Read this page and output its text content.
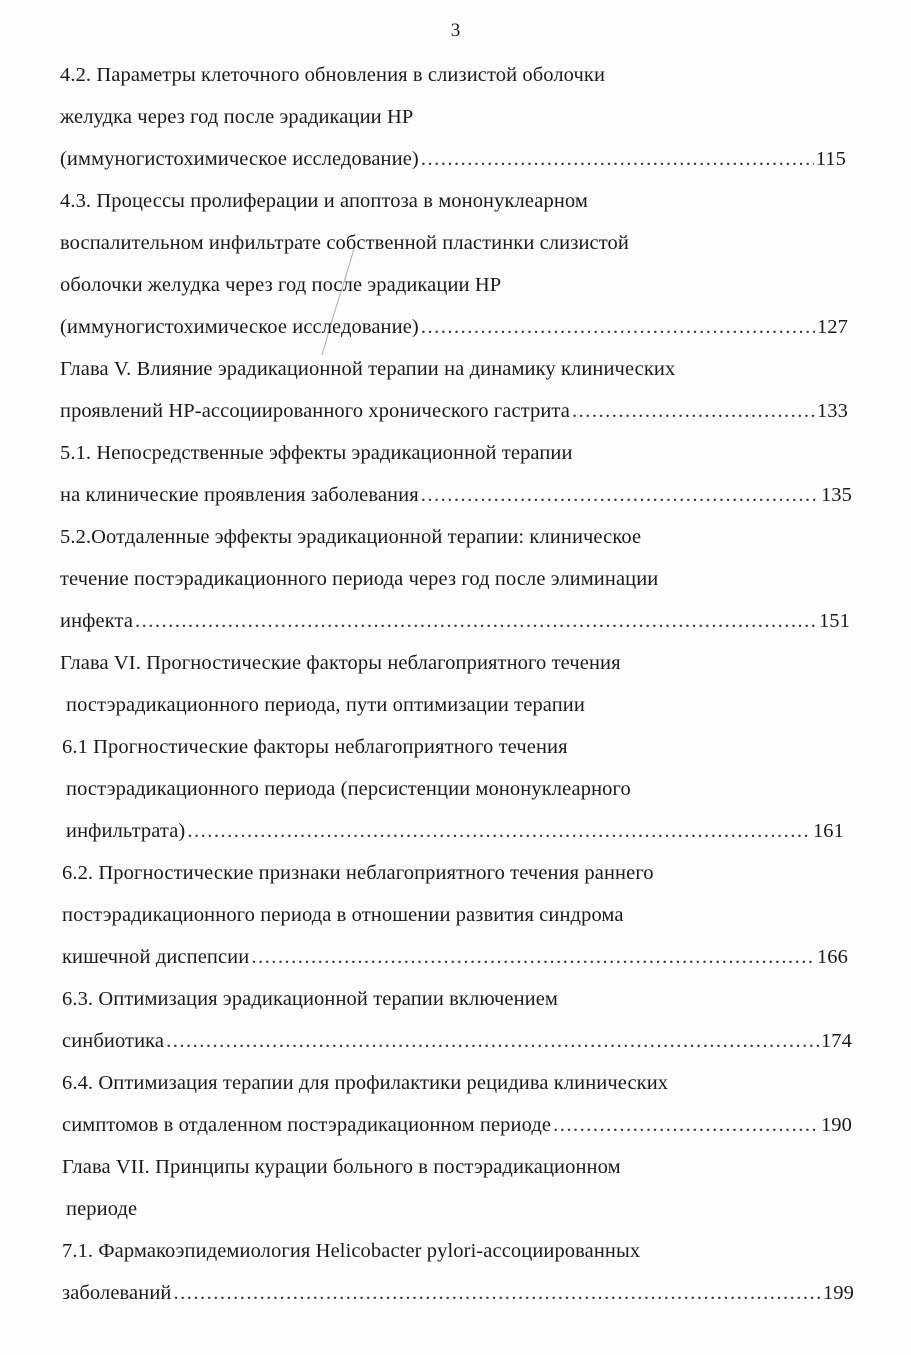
3
4.2. Параметры клеточного обновления в слизистой оболочки
желудка через год после эрадикации НР
(иммуногистохимическое исследование) .....	115
4.3. Процессы пролиферации и апоптоза в мононуклеарном
воспалительном инфильтрате собственной пластинки слизистой
оболочки желудка через год после эрадикации НР
(иммуногистохимическое исследование) .....	127
Глава V. Влияние эрадикационной терапии на динамику клинических
проявлений НР-ассоциированного хронического гастрита .....	133
5.1. Непосредственные эффекты эрадикационной терапии
на клинические проявления заболевания .....	135
5.2.Оотдаленные эффекты эрадикационной терапии: клиническое
течение постэрадикационного периода через год после элиминации
инфекта .....	151
Глава VI. Прогностические факторы неблагоприятного течения
постэрадикационного периода, пути оптимизации терапии
6.1 Прогностические факторы неблагоприятного течения
постэрадикационного периода (персистенции мононуклеарного
инфильтрата) .....	161
6.2. Прогностические признаки неблагоприятного течения раннего
постэрадикационного периода в отношении развития синдрома
кишечной диспепсии .....	166
6.3. Оптимизация эрадикационной терапии включением
синбиотика .....	174
6.4. Оптимизация терапии для профилактики рецидива клинических
симптомов в отдаленном постэрадикационном периоде .....	190
Глава VII. Принципы курации больного в постэрадикационном
периоде
7.1. Фармакоэпидемиология Helicobacter pylori-ассоциированных
заболеваний .....	199
